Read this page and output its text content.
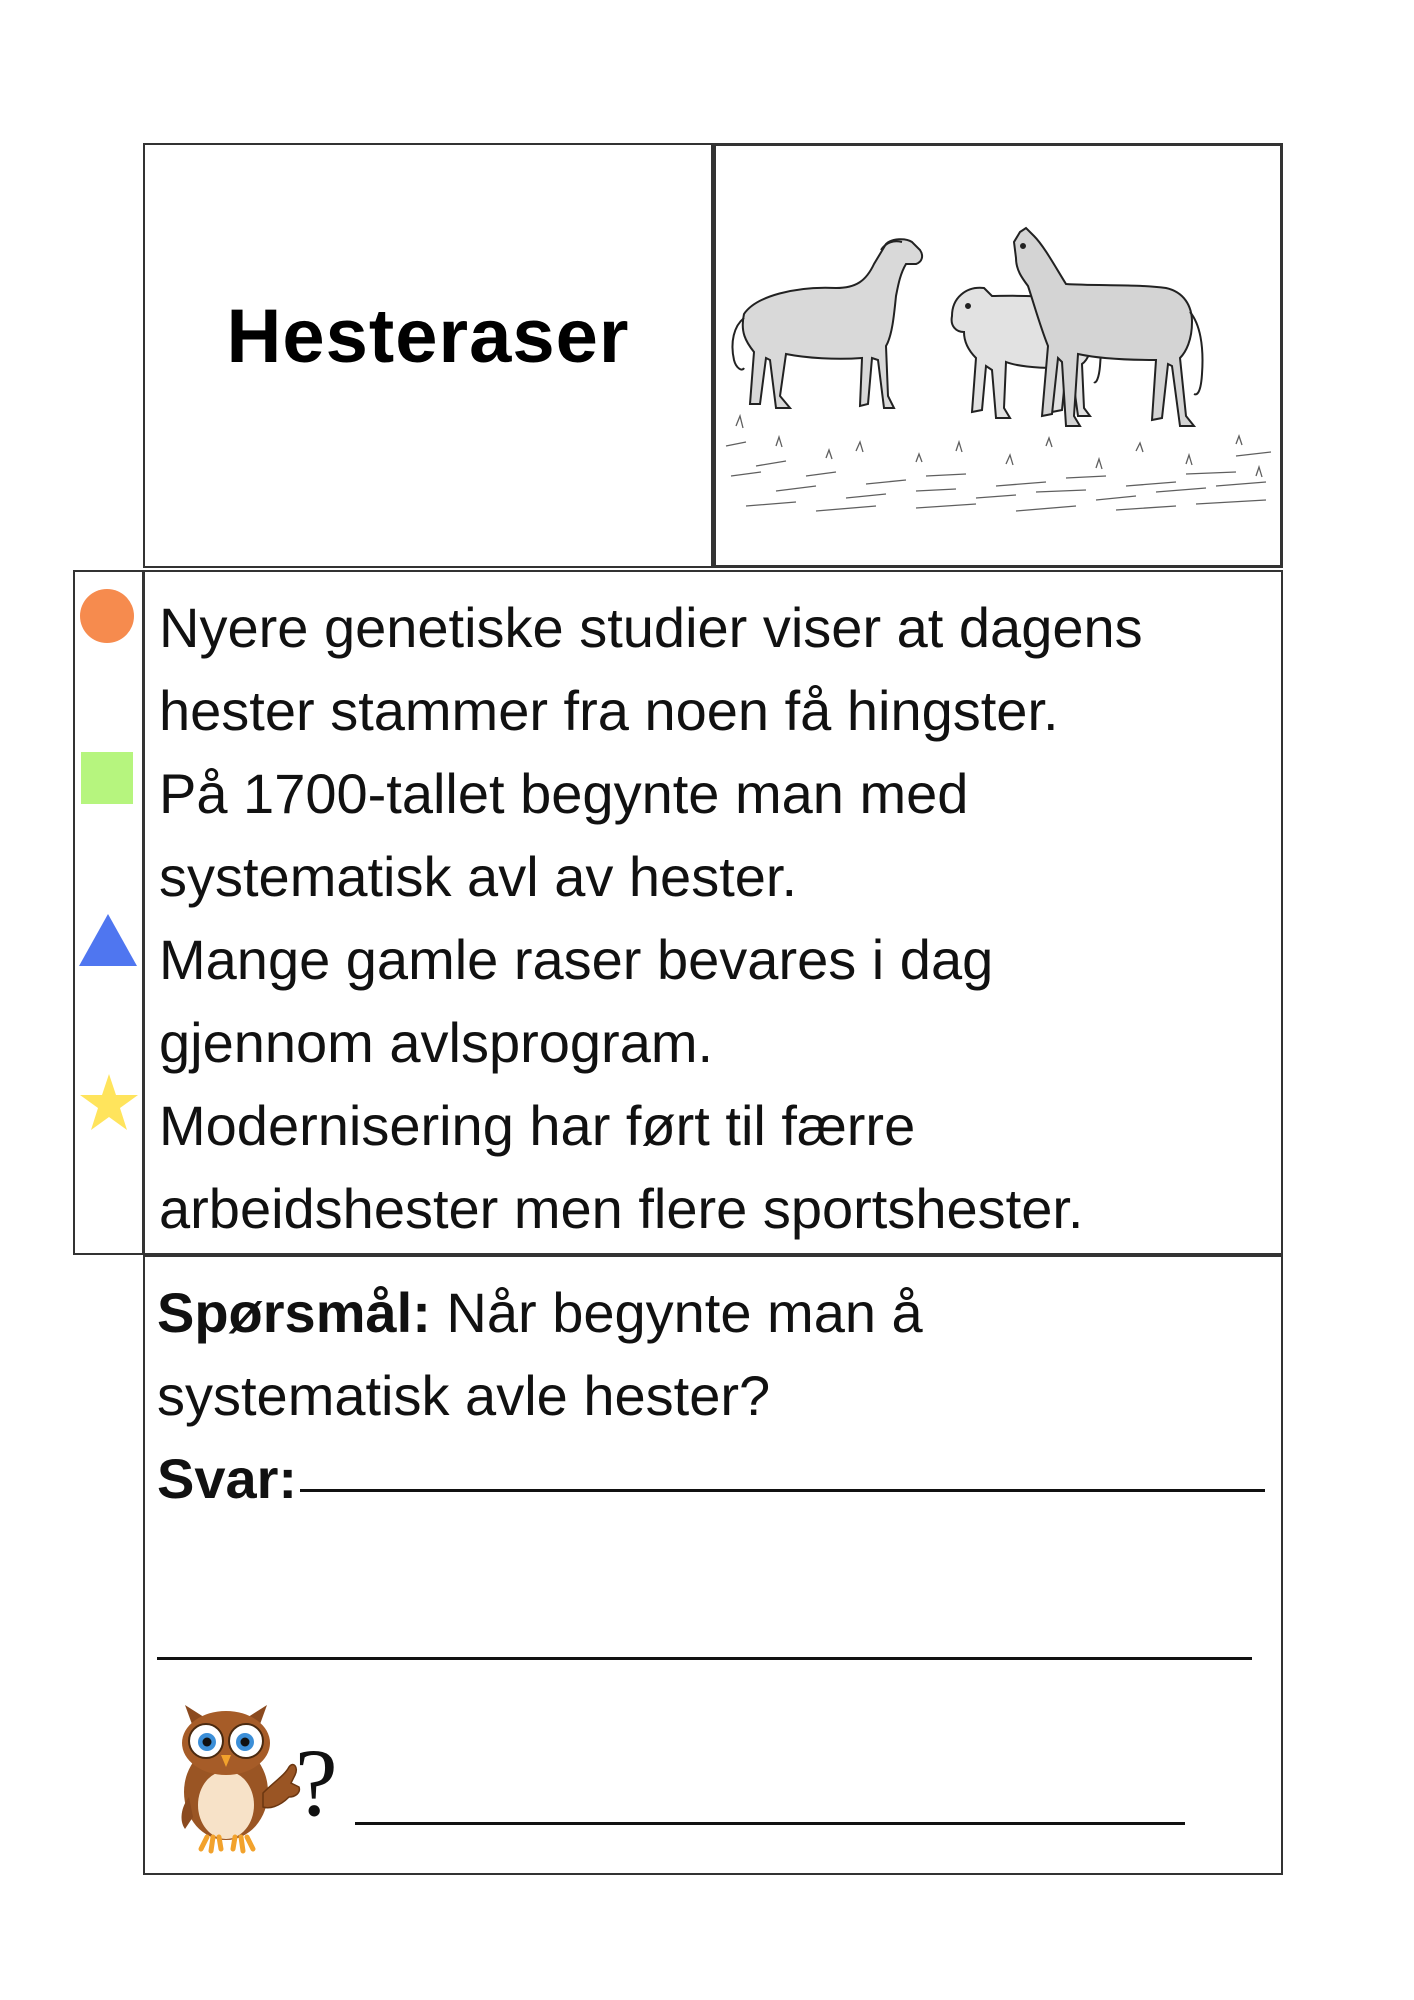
Hesteraser
Nyere genetiske studier viser at dagens
hester stammer fra noen få hingster.
På 1700-tallet begynte man med
systematisk avl av hester.
Mange gamle raser bevares i dag
gjennom avlsprogram.
Modernisering har ført til færre
arbeidshester men flere sportshester.
Spørsmål: Når begynte man å
systematisk avle hester?
Svar:
?
